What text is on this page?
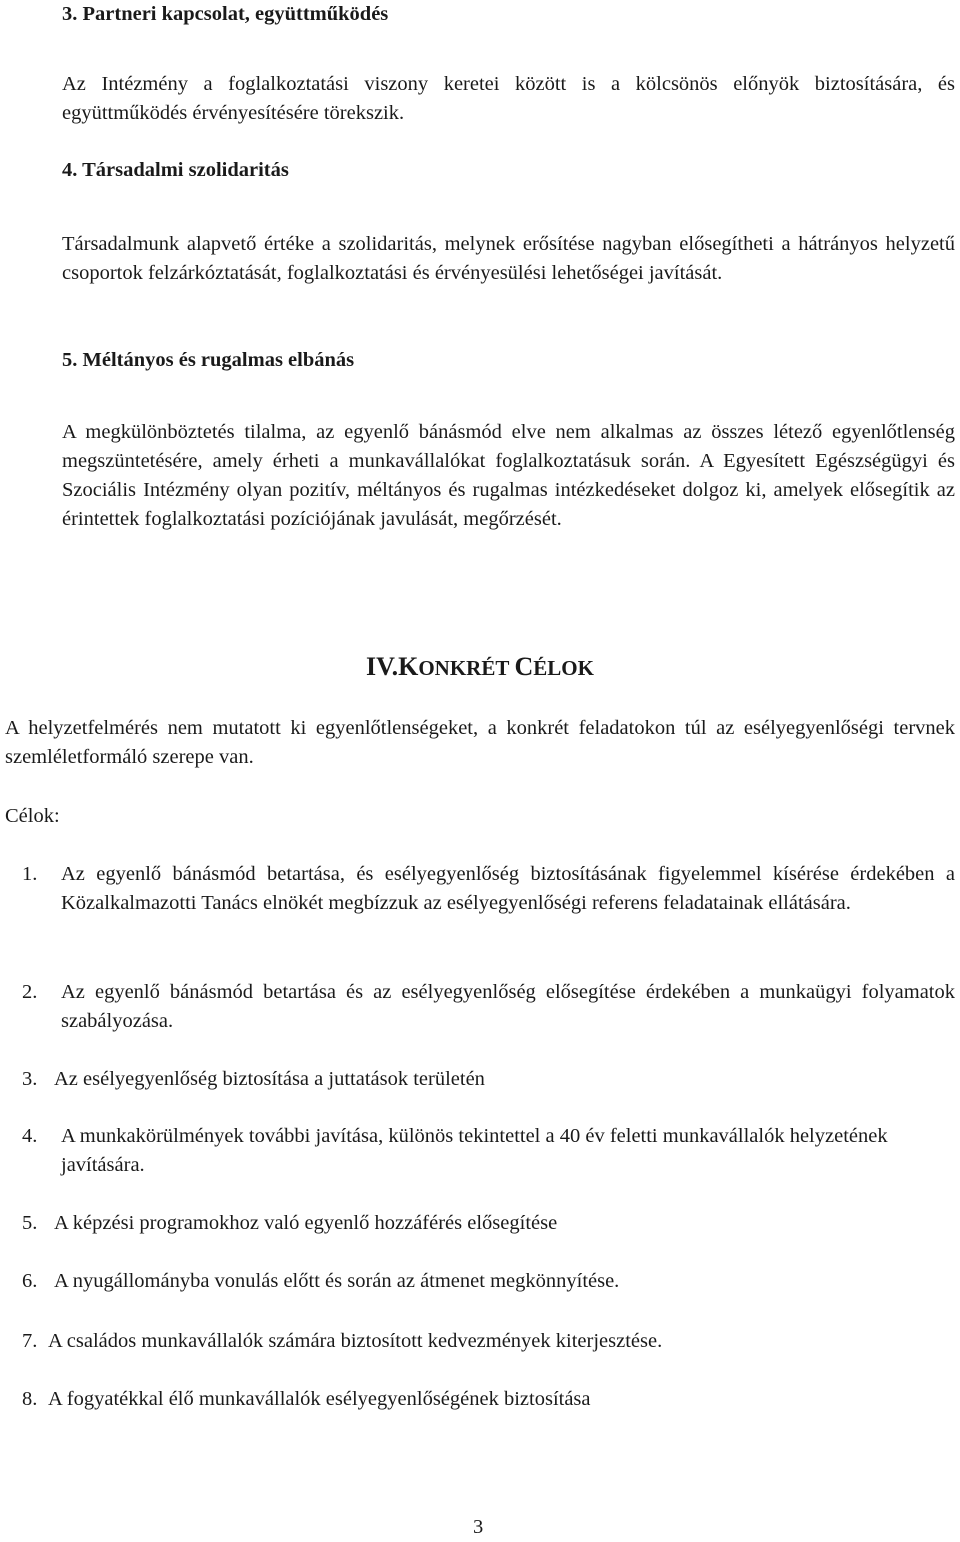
3. Partneri kapcsolat, együttműködés
Az Intézmény a foglalkoztatási viszony keretei között is a kölcsönös előnyök biztosítására, és együttműködés érvényesítésére törekszik.
4. Társadalmi szolidaritás
Társadalmunk alapvető értéke a szolidaritás, melynek erősítése nagyban elősegítheti a hátrányos helyzetű csoportok felzárkóztatását, foglalkoztatási és érvényesülési lehetőségei javítását.
5. Méltányos és rugalmas elbánás
A megkülönböztetés tilalma, az egyenlő bánásmód elve nem alkalmas az összes létező egyenlőtlenség megszüntetésére, amely érheti a munkavállalókat foglalkoztatásuk során. A Egyesített Egészségügyi és Szociális Intézmény olyan pozitív, méltányos és rugalmas intézkedéseket dolgoz ki, amelyek elősegítik az érintettek foglalkoztatási pozíciójának javulását, megőrzését.
IV.KONKRÉT CÉLOK
A helyzetfelmérés nem mutatott ki egyenlőtlenségeket, a konkrét feladatokon túl az esélyegyenlőségi tervnek szemléletformáló szerepe van.
Célok:
1. Az egyenlő bánásmód betartása, és esélyegyenlőség biztosításának figyelemmel kísérése érdekében a Közalkalmazotti Tanács elnökét megbízzuk az esélyegyenlőségi referens feladatainak ellátására.
2. Az egyenlő bánásmód betartása és az esélyegyenlőség elősegítése érdekében a munkaügyi folyamatok szabályozása.
3. Az esélyegyenlőség biztosítása a juttatások területén
4. A munkakörülmények további javítása, különös tekintettel a 40 év feletti munkavállalók helyzetének javítására.
5. A képzési programokhoz való egyenlő hozzáférés elősegítése
6. A nyugállományba vonulás előtt és során az átmenet megkönnyítése.
7. A családos munkavállalók számára biztosított kedvezmények kiterjesztése.
8. A fogyatékkal élő munkavállalók esélyegyenlőségének biztosítása
3
